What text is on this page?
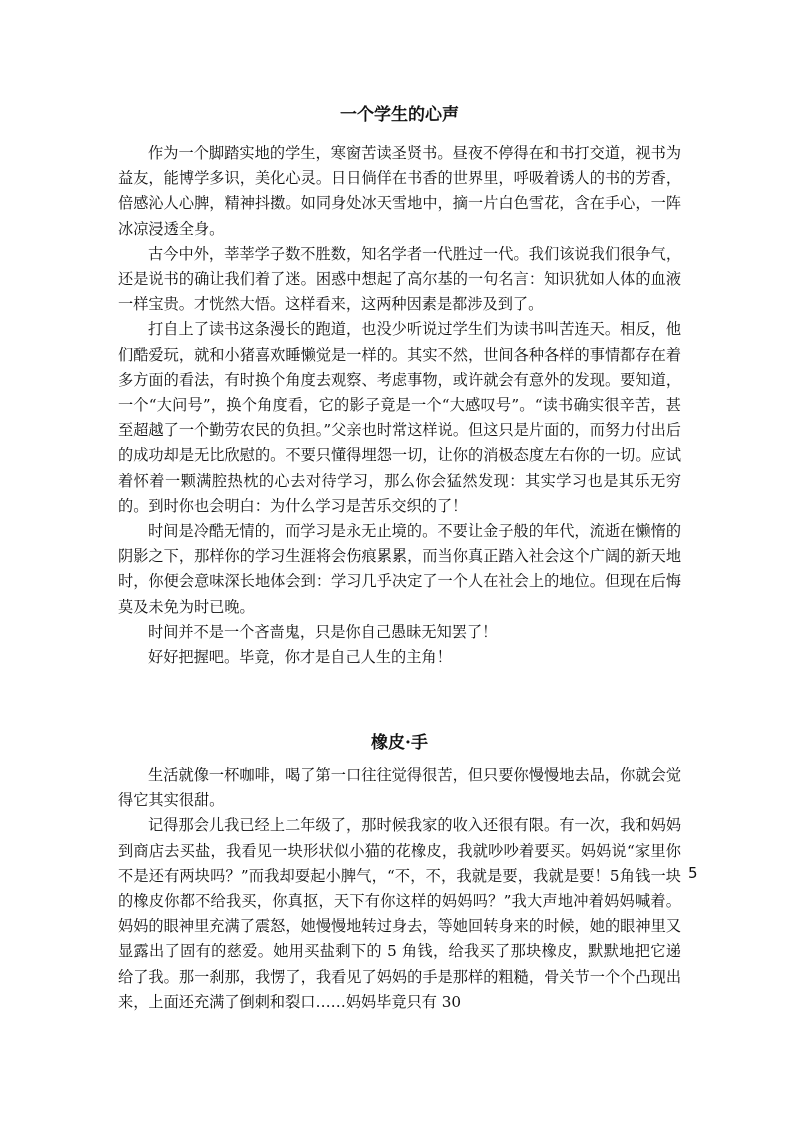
一个学生的心声

作为一个脚踏实地的学生，寒窗苦读圣贤书。昼夜不停得在和书打交道，视书为益友，能博学多识，美化心灵。日日倘佯在书香的世界里，呼吸着诱人的书的芳香，倍感沁人心脾，精神抖擞。如同身处冰天雪地中，摘一片白色雪花，含在手心，一阵冰凉浸透全身。

古今中外，莘莘学子数不胜数，知名学者一代胜过一代。我们该说我们很争气，还是说书的确让我们着了迷。困惑中想起了高尔基的一句名言：知识犹如人体的血液一样宝贵。才恍然大悟。这样看来，这两种因素是都涉及到了。

打自上了读书这条漫长的跑道，也没少听说过学生们为读书叫苦连天。相反，他们酷爱玩，就和小猪喜欢睡懒觉是一样的。其实不然，世间各种各样的事情都存在着多方面的看法，有时换个角度去观察、考虑事物，或许就会有意外的发现。要知道，一个“大问号”，换个角度看，它的影子竟是一个“大感叹号”。“读书确实很辛苦，甚至超越了一个勤劳农民的负担。”父亲也时常这样说。但这只是片面的，而努力付出后的成功却是无比欣慰的。不要只懂得埋怨一切，让你的消极态度左右你的一切。应试着怀着一颗满腔热枕的心去对待学习，那么你会猛然发现：其实学习也是其乐无穷的。到时你也会明白：为什么学习是苦乐交织的了！

时间是冷酷无情的，而学习是永无止境的。不要让金子般的年代，流逝在懒惰的阴影之下，那样你的学习生涯将会伤痕累累，而当你真正踏入社会这个广阔的新天地时，你便会意味深长地体会到：学习几乎决定了一个人在社会上的地位。但现在后悔莫及未免为时已晚。

时间并不是一个吝啬鬼，只是你自己愚昧无知罢了！

好好把握吧。毕竟，你才是自己人生的主角！

橡皮·手

生活就像一杯咖啡，喝了第一口往往觉得很苦，但只要你慢慢地去品，你就会觉得它其实很甜。

记得那会儿我已经上二年级了，那时候我家的收入还很有限。有一次，我和妈妈到商店去买盐，我看见一块形状似小猫的花橡皮，我就吵吵着要买。妈妈说“家里你不是还有两块吗？”而我却耍起小脾气，“不，不，我就是要，我就是要！5角钱一块的橡皮你都不给我买，你真抠，天下有你这样的妈妈吗？”我大声地冲着妈妈喊着。妈妈的眼神里充满了震怒，她慢慢地转过身去，等她回转身来的时候，她的眼神里又显露出了固有的慈爱。她用买盐剩下的 5 角钱，给我买了那块橡皮，默默地把它递给了我。那一刹那，我愣了，我看见了妈妈的手是那样的粗糙，骨关节一个个凸现出来，上面还充满了倒刺和裂口……妈妈毕竟只有 30

5
